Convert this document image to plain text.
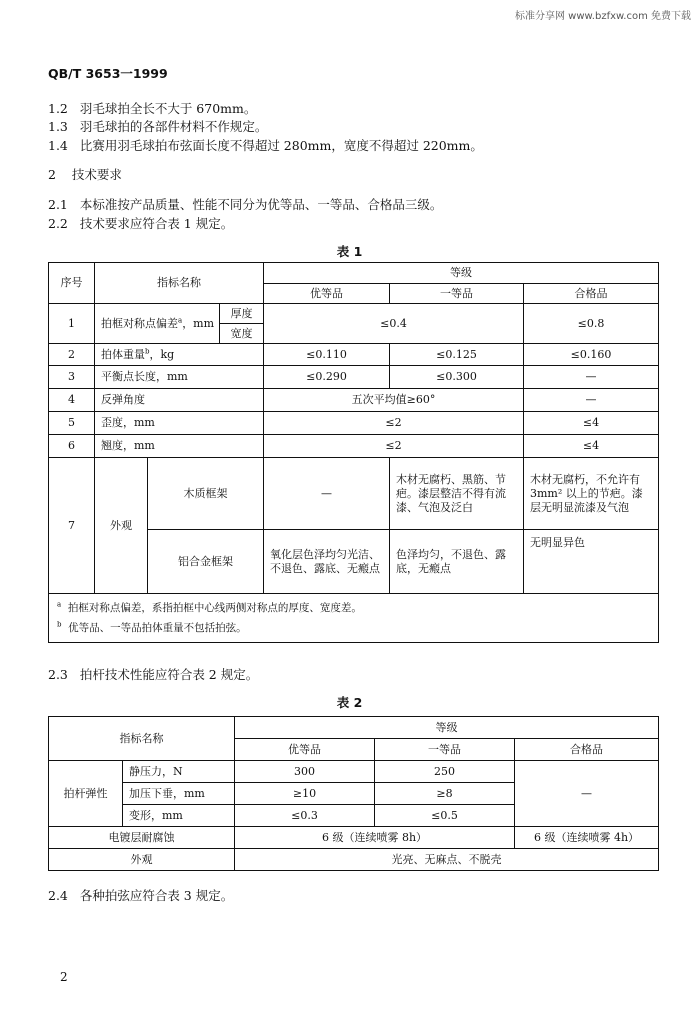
标准分享网 www.bzfxw.com 免费下载
QB/T 3653一1999
1.2 羽毛球拍全长不大于 670mm。
1.3 羽毛球拍的各部件材料不作规定。
1.4 比赛用羽毛球拍布弦面长度不得超过 280mm，宽度不得超过 220mm。
2 技术要求
2.1 本标准按产品质量、性能不同分为优等品、一等品、合格品三级。
2.2 技术要求应符合表 1 规定。
表 1
序号	指标名称			等级		
				优等品	一等品	合格品
1	拍框对称点偏差$^a$，mm		厚度	≤0.4		≤0.8
			宽度			
2	拍体重量$^b$，kg			≤0.110	≤0.125	≤0.160
3	平衡点长度，mm			≤0.290	≤0.300	—
4	反弹角度			五次平均值≥60°		—
5	歪度，mm			≤2		≤4
6	翘度，mm			≤2		≤4
7	外观	木质框架		—	木材无腐朽、黑筋、节疤。漆层整洁不得有流漆、气泡及泛白	木材无腐朽，不允许有 3mm² 以上的节疤。漆层无明显流漆及气泡
		铝合金框架		氧化层色泽均匀光洁、不退色、露底、无瘢点	色泽均匀，不退色、露底，无瘢点	无明显异色

$^a$ 拍框对称点偏差，系指拍框中心线两侧对称点的厚度、宽度差。
$^b$ 优等品、一等品拍体重量不包括拍弦。						
2.3 拍杆技术性能应符合表 2 规定。
表 2
指标名称		等级		
		优等品	一等品	合格品
拍杆弹性	静压力，N	300	250	—
	加压下垂，mm	≥10	≥8	
	变形，mm	≤0.3	≤0.5	
电镀层耐腐蚀		6 级（连续喷雾 8h）		6 级（连续喷雾 4h）
外观		光亮、无麻点、不脱壳		
2.4 各种拍弦应符合表 3 规定。
2
